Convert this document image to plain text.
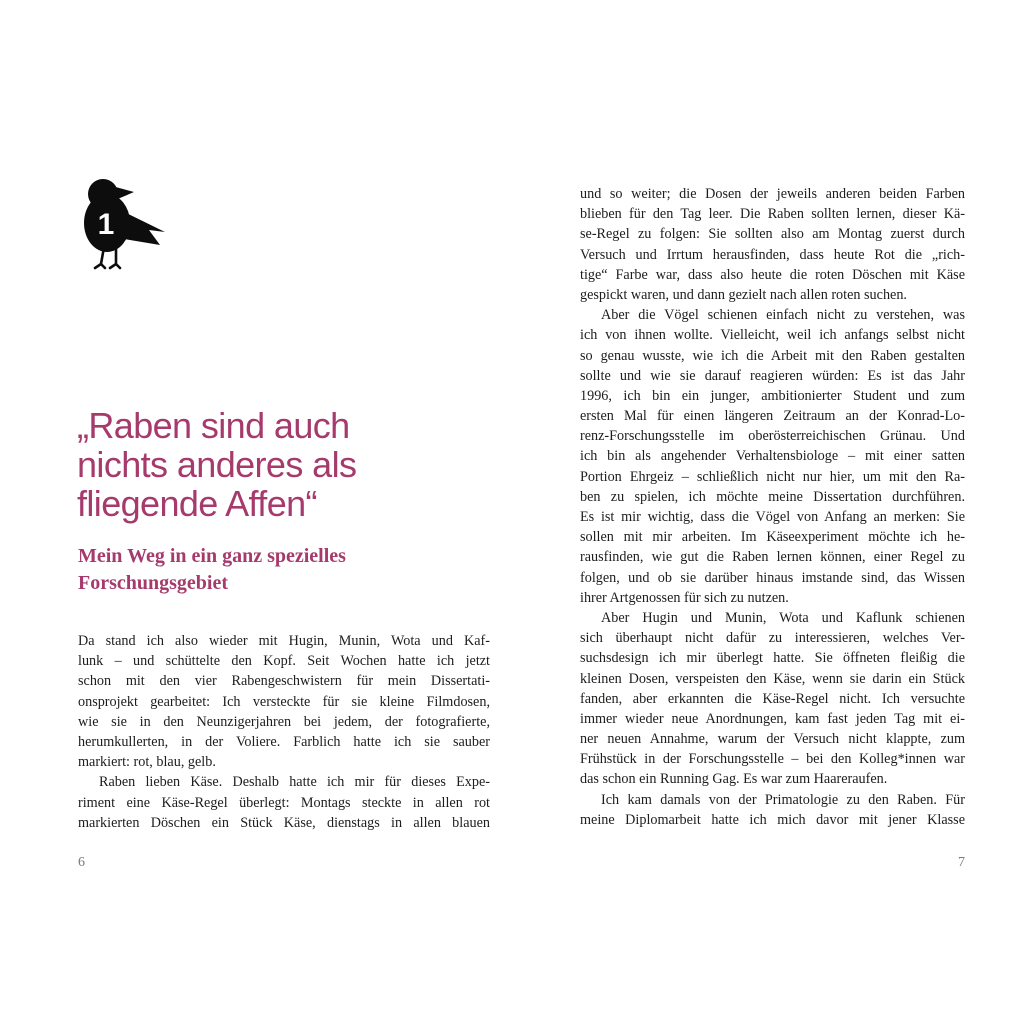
1
„Raben sind auch
nichts anderes als
fliegende Affen“
Mein Weg in ein ganz spezielles
Forschungsgebiet
Da stand ich also wieder mit Hugin, Munin, Wota und Kaf-
lunk – und schüttelte den Kopf. Seit Wochen hatte ich jetzt
schon mit den vier Rabengeschwistern für mein Dissertati-
onsprojekt gearbeitet: Ich versteckte für sie kleine Filmdosen,
wie sie in den Neunzigerjahren bei jedem, der fotografierte,
herumkullerten, in der Voliere. Farblich hatte ich sie sauber
markiert: rot, blau, gelb.
Raben lieben Käse. Deshalb hatte ich mir für dieses Expe-
riment eine Käse-Regel überlegt: Montags steckte in allen rot
markierten Döschen ein Stück Käse, dienstags in allen blauen
und so weiter; die Dosen der jeweils anderen beiden Farben
blieben für den Tag leer. Die Raben sollten lernen, dieser Kä-
se-Regel zu folgen: Sie sollten also am Montag zuerst durch
Versuch und Irrtum herausfinden, dass heute Rot die „rich-
tige“ Farbe war, dass also heute die roten Döschen mit Käse
gespickt waren, und dann gezielt nach allen roten suchen.
Aber die Vögel schienen einfach nicht zu verstehen, was
ich von ihnen wollte. Vielleicht, weil ich anfangs selbst nicht
so genau wusste, wie ich die Arbeit mit den Raben gestalten
sollte und wie sie darauf reagieren würden: Es ist das Jahr
1996, ich bin ein junger, ambitionierter Student und zum
ersten Mal für einen längeren Zeitraum an der Konrad-Lo-
renz-Forschungsstelle im oberösterreichischen Grünau. Und
ich bin als angehender Verhaltensbiologe – mit einer satten
Portion Ehrgeiz – schließlich nicht nur hier, um mit den Ra-
ben zu spielen, ich möchte meine Dissertation durchführen.
Es ist mir wichtig, dass die Vögel von Anfang an merken: Sie
sollen mit mir arbeiten. Im Käseexperiment möchte ich he-
rausfinden, wie gut die Raben lernen können, einer Regel zu
folgen, und ob sie darüber hinaus imstande sind, das Wissen
ihrer Artgenossen für sich zu nutzen.
Aber Hugin und Munin, Wota und Kaflunk schienen
sich überhaupt nicht dafür zu interessieren, welches Ver-
suchsdesign ich mir überlegt hatte. Sie öffneten fleißig die
kleinen Dosen, verspeisten den Käse, wenn sie darin ein Stück
fanden, aber erkannten die Käse-Regel nicht. Ich versuchte
immer wieder neue Anordnungen, kam fast jeden Tag mit ei-
ner neuen Annahme, warum der Versuch nicht klappte, zum
Frühstück in der Forschungsstelle – bei den Kolleg*innen war
das schon ein Running Gag. Es war zum Haareraufen.
Ich kam damals von der Primatologie zu den Raben. Für
meine Diplomarbeit hatte ich mich davor mit jener Klasse
6	7
